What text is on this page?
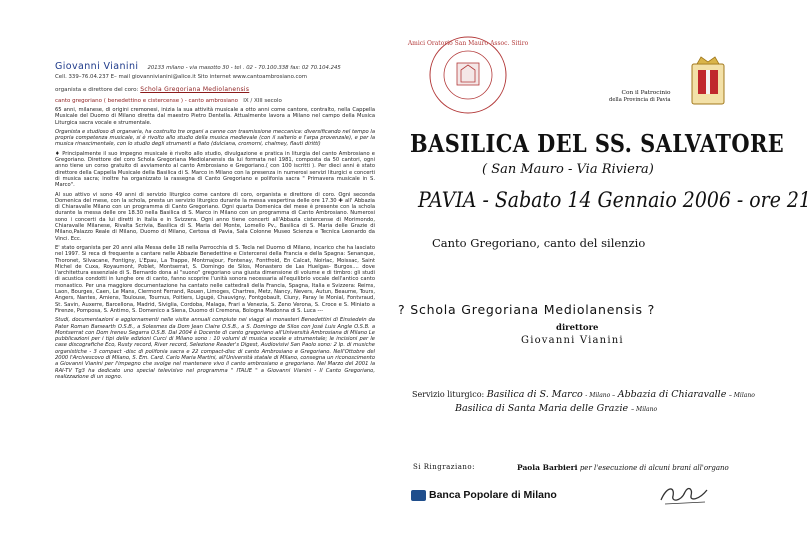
Giovanni Vianini 20133 milano - via masotto 30 - tel . 02 - 70.100.338 fax: 02 70.104.245
Cell. 339–76.04.237 E– mail giovannivianini@alice.it Sito internet www.cantoambrosiano.com
organista e direttore del coro: Schola Gregoriana Mediolanensis
canto gregoriano ( benedettino e cistercense ) - canto ambrosiano IX / XIII secolo
65 anni, milanese, di origini cremonesi, inizia la sua attività musicale a otto anni come cantore, contralto, nella Cappella Musicale del Duomo di Milano diretta dal maestro Pietro Dentella. Attualmente lavora a Milano nel campo della Musica Liturgica sacra vocale e strumentale.
Organista e studioso di organaria, ha costruito tre organi a canne con trasmissione meccanica: diversificando nel tempo la propria competenza musicale, si è rivolto allo studio della musica medievale (con il salterio e l'arpa provenzale), e per la musica rinascimentale, con lo studio degli strumenti a fiato (dulciana, cromorni, chalmey, flauti diritti)
♦ Principalmente il suo impegno musicale è rivolto allo studio, divulgazione e pratica in liturgia del canto Ambrosiano e Gregoriano. Direttore del coro Schola Gregoriana Mediolanensis da lui formata nel 1981, composta da 50 cantori, ogni anno tiene un corso gratuito di avviamento al canto Ambrosiano e Gregoriano.( con 100 iscritti ). Per dieci anni è stato direttore della Cappella Musicale della Basilica di S. Marco in Milano con la presenza in numerosi servizi liturgici e concerti di musica sacra; inoltre ha organizzato la rassegna di Canto Gregoriano e polifonia sacra " Primavera musicale in S. Marco".
Al suo attivo vi sono 49 anni di servizio liturgico come cantore di coro, organista e direttore di coro. Ogni seconda Domenica del mese, con la schola, presta un servizio liturgico durante la messa vespertina delle ore 17.30 ✚ all' Abbazia di Chiaravalle Milano con un programma di Canto Gregoriano. Ogni quarta Domenica del mese è presente con la schola durante la messa delle ore 18.30 nella Basilica di S. Marco in Milano con un programma di Canto Ambrosiano. Numerosi sono i concerti da lui diretti in Italia e in Svizzera. Ogni anno tiene concerti all'Abbazia cistercense di Morimondo, Chiaravalle Milanese, Rivalta Scrivia, Basilica di S. Maria del Monte, Lomello Pv., Basilica di S. Maria delle Grazie di Milano,Palazzo Reale di Milano, Duomo di Milano, Certosa di Pavia, Sala Colonne Museo Scienza e Tecnica Leonardo da Vinci. Ecc.
E' stato organista per 20 anni alla Messa delle 18 nella Parrocchia di S. Tecla nel Duomo di Milano, incarico che ha lasciato nel 1997. Si reca di frequente a cantare nelle Abbazie Benedettine e Cistercensi della Francia e della Spagna: Senanque, Thoronet, Silvacane, Fontigny, L'Epau, La Trappe, Montmajour, Fontenay, Fontfroid, En Calcat, Noirlac, Moissac, Saint Michel de Cuxa, Royaumont, Poblet, Montserrat, S. Domingo de Silos, Monastero de Las Huelgas- Burgos.... dove l'architettura essenziale di S. Bernardo dona al "suono" gregoriano una giusta dimensione di volume e di timbro: gli studi di acustica condotti in lunghe ore di canto, fanno scoprire l'unità sonora necessaria all'equilibrio vocale dell'antico canto monastico. Per una maggiore documentazione ha cantato nelle cattedrali della Francia, Spagna, Italia e Svizzera: Reims, Laon, Bourges, Caen, Le Mans, Clermont Ferrand, Rouen, Limoges, Chartres, Metz, Nancy, Nevers, Autun, Beaume, Tours, Angers, Nantes, Amiens, Toulouse, Tournus, Poitiers, Ligugé, Chauvigny, Fontgobault, Cluny, Paray le Monial, Fontvraud, St. Savin, Auxerre, Barcellona, Madrid, Siviglia, Cordoba, Malaga, Frari a Venezia, S. Zeno Verona, S. Croce e S. Miniato a Firenze, Pomposa, S. Antimo, S. Domenico a Siena, Duomo di Cremona, Bologna Madonna di S. Luca ---
Studi, documentazioni e aggiornamenti nelle visite annuali compiute nei viaggi ai monasteri Benedettini di Einsiedeln da Pater Roman Banwarth O.S.B., a Solesmes da Dom Jean Claire O.S.B., a S. Domingo de Silos con José Luis Angle O.S.B. a Montserrat con Dom Ireneu Segarra O.S.B. Dal 2004 è Docente di canto gregoriano all'Università Ambrosiana di Milano Le pubblicazioni per i tipi delle edizioni Curci di Milano sono : 10 volumi di musica vocale e strumentale; le incisioni per le case discografiche Eco, Rusty record, River record, Selezione Reader's Digest, Audiovisivi San Paolo sono: 2 lp. di musiche organistiche - 3 compact -disc di polifonia sacra e 22 compact-disc di canto Ambrosiano e Gregoriano. Nell'Ottobre del 2000 l'Arcivescovo di Milano, S. Em. Card. Carlo Maria Martini, all'Università statale di Milano, consegna un riconoscimento a Giovanni Vianini per l'impegno che svolge nel mantenere vivo il canto ambrosiano e gregoriano. Nel Marzo del 2001 la RAI-TV Tg3 ha dedicato uno special televisivo nel programma " ITALIE " a Giovanni Vianini - Il Canto Gregoriano, realizzazione di un sogno.
Amici Oratorio San Mauro Assoc. Sitiro
Con il Patrocinio
della Provincia di Pavia
BASILICA DEL SS. SALVATORE
( San Mauro - Via Riviera)
PAVIA - Sabato 14 Gennaio 2006 - ore 21
Canto Gregoriano, canto del silenzio
? Schola Gregoriana Mediolanensis ?
direttore
Giovanni Vianini
Servizio liturgico: Basilica di S. Marco - Milano – Abbazia di Chiaravalle – Milano
Basilica di Santa Maria delle Grazie – Milano
Si Ringraziano:	Paola Barbieri per l'esecuzione di alcuni brani all'organo
Banca Popolare di Milano
